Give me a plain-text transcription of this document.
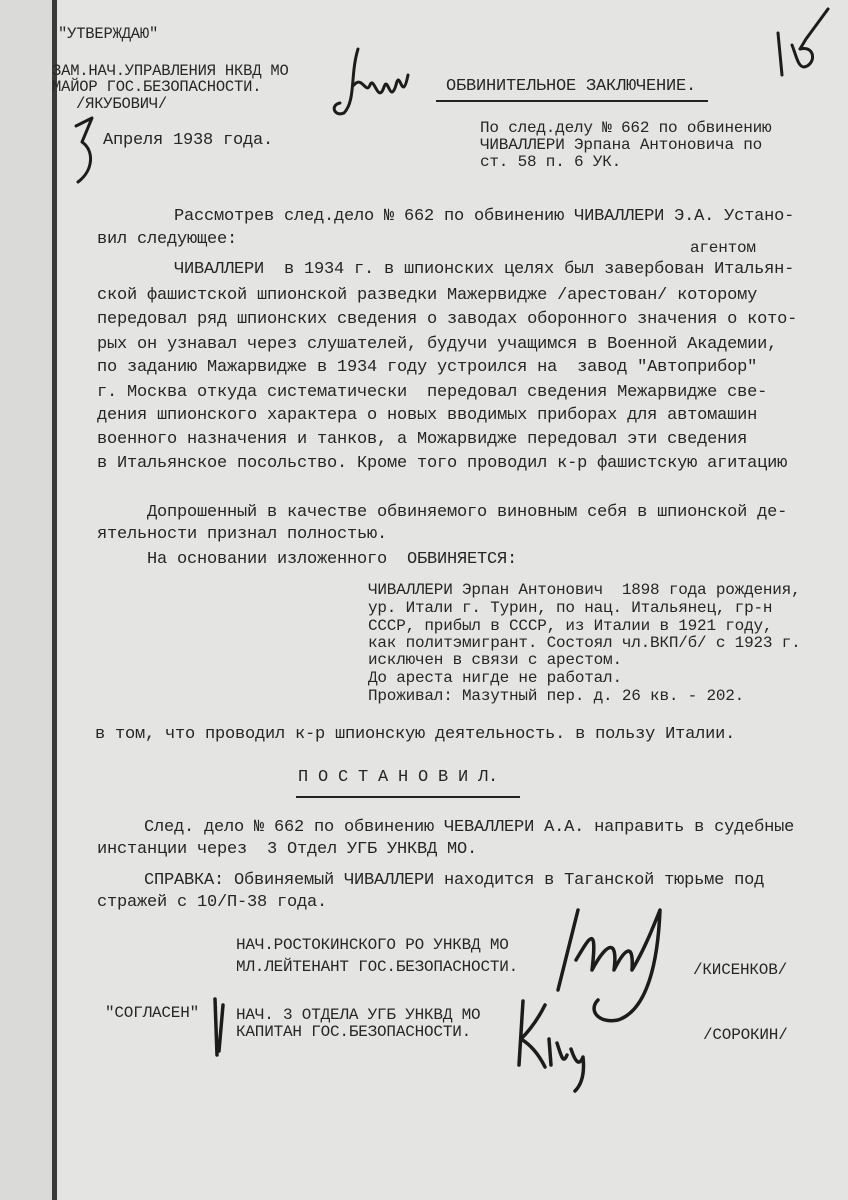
"УТВЕРЖДАЮ"
ЗАМ.НАЧ.УПРАВЛЕНИЯ НКВД МО
МАЙОР ГОС.БЕЗОПАСНОСТИ.
/ЯКУБОВИЧ/
Апреля 1938 года.
ОБВИНИТЕЛЬНОЕ ЗАКЛЮЧЕНИЕ.
По след.делу № 662 по обвинению
ЧИВАЛЛЕРИ Эрпана Антоновича по
ст. 58 п. 6 УК.
Рассмотрев след.дело № 662 по обвинению ЧИВАЛЛЕРИ Э.А. Устано-
вил следующее:	агентом
ЧИВАЛЛЕРИ  в 1934 г. в шпионских целях был завербован Итальян-
ской фашистской шпионской разведки Мажервидже /арестован/ которому
передовал ряд шпионских сведения о заводах оборонного значения о кото-
рых он узнавал через слушателей, будучи учащимся в Военной Академии,
по заданию Мажарвидже в 1934 году устроился на  завод "Автоприбор"
г. Москва откуда систематически  передовал сведения Межарвидже све-
дения шпионского характера о новых вводимых приборах для автомашин
военного назначения и танков, а Можарвидже передовал эти сведения
в Итальянское посольство. Кроме того проводил к-р фашистскую агитацию
Допрошенный в качестве обвиняемого виновным себя в шпионской де-
ятельности признал полностью.
На основании изложенного  ОБВИНЯЕТСЯ:
ЧИВАЛЛЕРИ Эрпан Антонович  1898 года рождения,
ур. Итали г. Турин, по нац. Итальянец, гр-н
СССР, прибыл в СССР, из Италии в 1921 году,
как политэмигрант. Состоял чл.ВКП/б/ с 1923 г.
исключен в связи с арестом.
До ареста нигде не работал.
Проживал: Мазутный пер. д. 26 кв. - 202.
в том, что проводил к-р шпионскую деятельность. в пользу Италии.
П О С Т А Н О В И Л.
След. дело № 662 по обвинению ЧЕВАЛЛЕРИ А.А. направить в судебные
инстанции через  3 Отдел УГБ УНКВД МО.
СПРАВКА: Обвиняемый ЧИВАЛЛЕРИ находится в Таганской тюрьме под
стражей с 10/П-38 года.
НАЧ.РОСТОКИНСКОГО РО УНКВД МО
МЛ.ЛЕЙТЕНАНТ ГОС.БЕЗОПАСНОСТИ.	/КИСЕНКОВ/
"СОГЛАСЕН" НАЧ. 3 ОТДЕЛА УГБ УНКВД МО
КАПИТАН ГОС.БЕЗОПАСНОСТИ.	/СОРОКИН/
